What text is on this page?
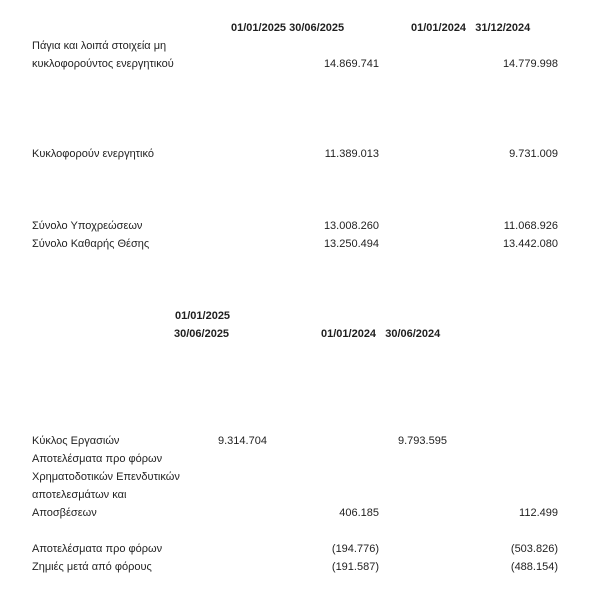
01/01/2025 30/06/2025	01/01/2024   31/12/2024
Πάγια και λοιπά στοιχεία μη
κυκλοφορούντος ενεργητικού	14.869.741	14.779.998
Κυκλοφορούν ενεργητικό	11.389.013	9.731.009
Σύνολο Υποχρεώσεων	13.008.260	11.068.926
Σύνολο Καθαρής Θέσης	13.250.494	13.442.080
01/01/2025
30/06/2025	01/01/2024   30/06/2024
Κύκλος Εργασιών	9.314.704	9.793.595
Αποτελέσματα προ φόρων
Χρηματοδοτικών Επενδυτικών
αποτελεσμάτων και
Αποσβέσεων	406.185	112.499
Αποτελέσματα προ φόρων	(194.776)	(503.826)
Ζημιές μετά από φόρους	(191.587)	(488.154)
